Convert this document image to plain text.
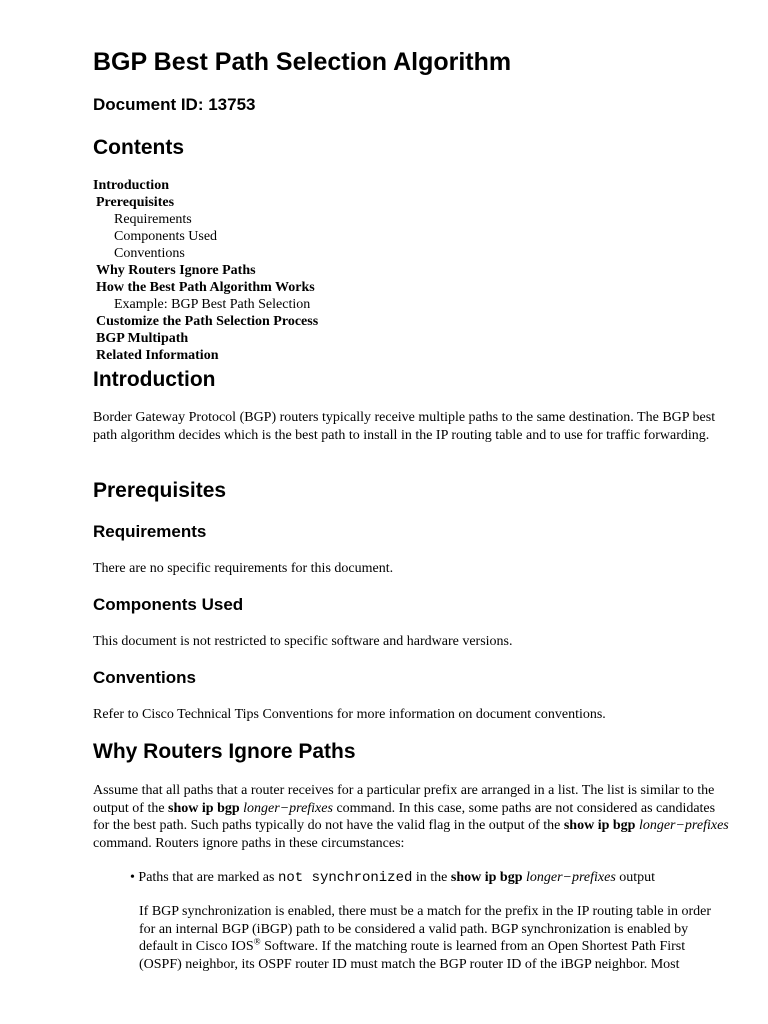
BGP Best Path Selection Algorithm
Document ID: 13753
Contents
Introduction
Prerequisites
Requirements
Components Used
Conventions
Why Routers Ignore Paths
How the Best Path Algorithm Works
Example: BGP Best Path Selection
Customize the Path Selection Process
BGP Multipath
Related Information
Introduction

Border Gateway Protocol (BGP) routers typically receive multiple paths to the same destination. The BGP best path algorithm decides which is the best path to install in the IP routing table and to use for traffic forwarding.

Prerequisites
Requirements

There are no specific requirements for this document.

Components Used

This document is not restricted to specific software and hardware versions.

Conventions

Refer to Cisco Technical Tips Conventions for more information on document conventions.

Why Routers Ignore Paths

Assume that all paths that a router receives for a particular prefix are arranged in a list. The list is similar to the output of the show ip bgp longer−prefixes command. In this case, some paths are not considered as candidates for the best path. Such paths typically do not have the valid flag in the output of the show ip bgp longer−prefixes command. Routers ignore paths in these circumstances:

• Paths that are marked as not synchronized in the show ip bgp longer−prefixes output

If BGP synchronization is enabled, there must be a match for the prefix in the IP routing table in order for an internal BGP (iBGP) path to be considered a valid path. BGP synchronization is enabled by default in Cisco IOS® Software. If the matching route is learned from an Open Shortest Path First (OSPF) neighbor, its OSPF router ID must match the BGP router ID of the iBGP neighbor. Most
